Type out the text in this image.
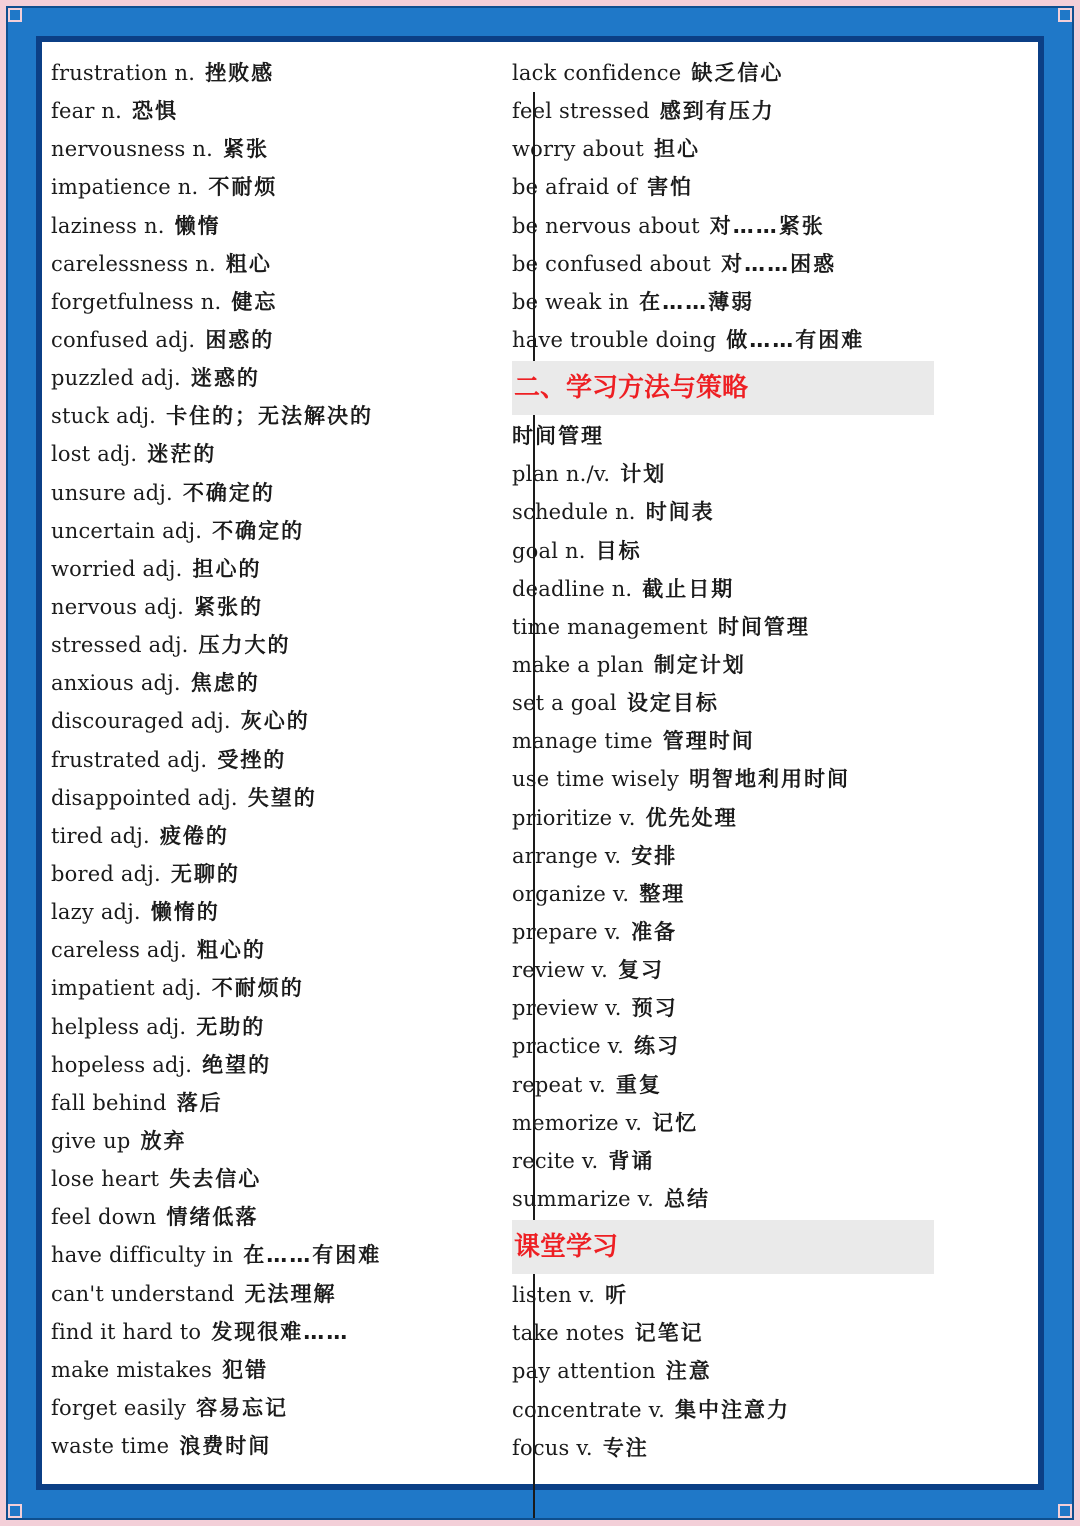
frustration n. 挫败感
fear n. 恐惧
nervousness n. 紧张
impatience n. 不耐烦
laziness n. 懒惰
carelessness n. 粗心
forgetfulness n. 健忘
confused adj. 困惑的
puzzled adj. 迷惑的
stuck adj. 卡住的；无法解决的
lost adj. 迷茫的
unsure adj. 不确定的
uncertain adj. 不确定的
worried adj. 担心的
nervous adj. 紧张的
stressed adj. 压力大的
anxious adj. 焦虑的
discouraged adj. 灰心的
frustrated adj. 受挫的
disappointed adj. 失望的
tired adj. 疲倦的
bored adj. 无聊的
lazy adj. 懒惰的
careless adj. 粗心的
impatient adj. 不耐烦的
helpless adj. 无助的
hopeless adj. 绝望的
fall behind 落后
give up 放弃
lose heart 失去信心
feel down 情绪低落
have difficulty in 在……有困难
can't understand 无法理解
find it hard to 发现很难……
make mistakes 犯错
forget easily 容易忘记
waste time 浪费时间
lack confidence 缺乏信心
feel stressed 感到有压力
worry about 担心
be afraid of 害怕
be nervous about 对……紧张
be confused about 对……困惑
be weak in 在……薄弱
have trouble doing 做……有困难
二、学习方法与策略
时间管理
plan n./v. 计划
schedule n. 时间表
goal n. 目标
deadline n. 截止日期
time management 时间管理
make a plan 制定计划
set a goal 设定目标
manage time 管理时间
use time wisely 明智地利用时间
prioritize v. 优先处理
arrange v. 安排
organize v. 整理
prepare v. 准备
review v. 复习
preview v. 预习
practice v. 练习
repeat v. 重复
memorize v. 记忆
recite v. 背诵
summarize v. 总结
课堂学习
listen v. 听
take notes 记笔记
pay attention 注意
concentrate v. 集中注意力
focus v. 专注
